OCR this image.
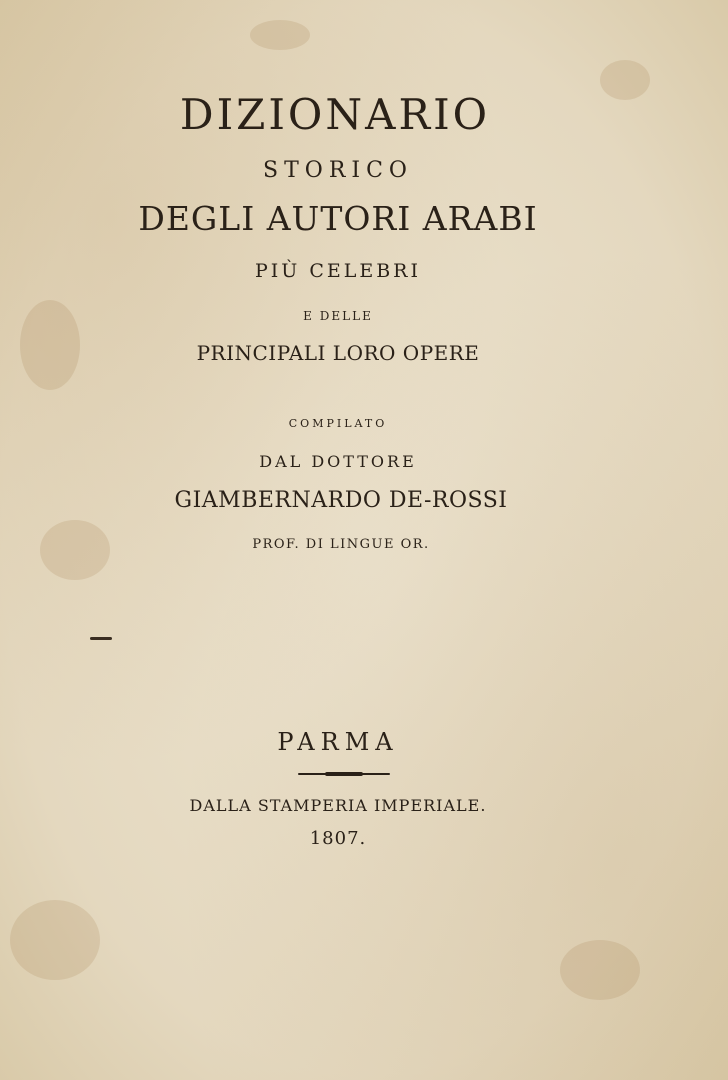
DIZIONARIO
STORICO
DEGLI AUTORI ARABI
PIÙ CELEBRI
E DELLE
PRINCIPALI LORO OPERE
COMPILATO
DAL DOTTORE
GIAMBERNARDO DE-ROSSI
PROF. DI LINGUE OR.
PARMA
DALLA STAMPERIA IMPERIALE.
1807.
